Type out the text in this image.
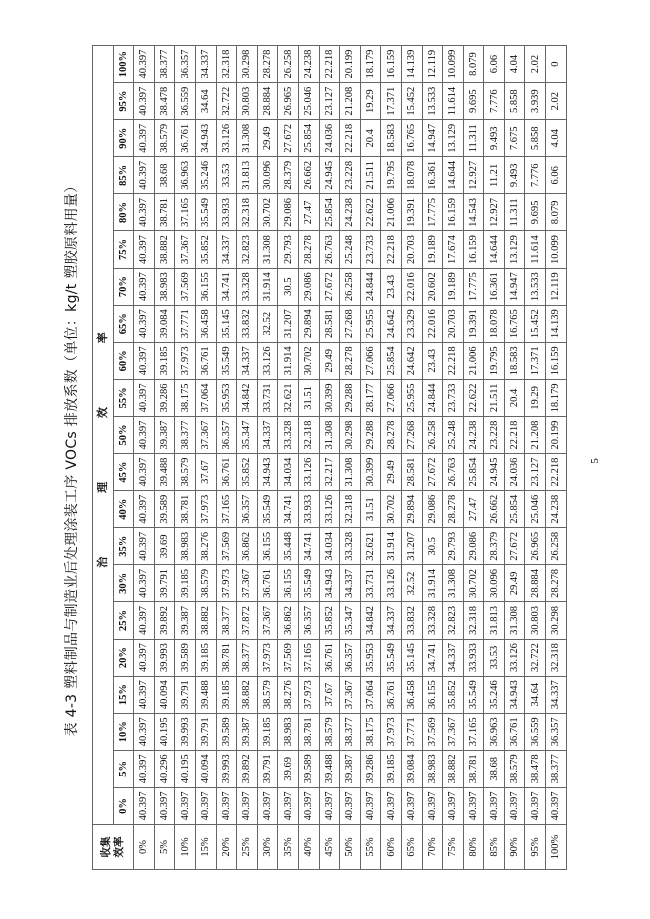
表 4-3 塑料制品与制造业后处理涂装工序 VOCs 排放系数（单位：kg/t 塑胶原料用量）
收集
效率	治 理 效 率																				
	0%	5%	10%	15%	20%	25%	30%	35%	40%	45%	50%	55%	60%	65%	70%	75%	80%	85%	90%	95%	100%
0%	40.397	40.397	40.397	40.397	40.397	40.397	40.397	40.397	40.397	40.397	40.397	40.397	40.397	40.397	40.397	40.397	40.397	40.397	40.397	40.397	40.397
5%	40.397	40.296	40.195	40.094	39.993	39.892	39.791	39.69	39.589	39.488	39.387	39.286	39.185	39.084	38.983	38.882	38.781	38.68	38.579	38.478	38.377
10%	40.397	40.195	39.993	39.791	39.589	39.387	39.185	38.983	38.781	38.579	38.377	38.175	37.973	37.771	37.569	37.367	37.165	36.963	36.761	36.559	36.357
15%	40.397	40.094	39.791	39.488	39.185	38.882	38.579	38.276	37.973	37.67	37.367	37.064	36.761	36.458	36.155	35.852	35.549	35.246	34.943	34.64	34.337
20%	40.397	39.993	39.589	39.185	38.781	38.377	37.973	37.569	37.165	36.761	36.357	35.953	35.549	35.145	34.741	34.337	33.933	33.53	33.126	32.722	32.318
25%	40.397	39.892	39.387	38.882	38.377	37.872	37.367	36.862	36.357	35.852	35.347	34.842	34.337	33.832	33.328	32.823	32.318	31.813	31.308	30.803	30.298
30%	40.397	39.791	39.185	38.579	37.973	37.367	36.761	36.155	35.549	34.943	34.337	33.731	33.126	32.52	31.914	31.308	30.702	30.096	29.49	28.884	28.278
35%	40.397	39.69	38.983	38.276	37.569	36.862	36.155	35.448	34.741	34.034	33.328	32.621	31.914	31.207	30.5	29.793	29.086	28.379	27.672	26.965	26.258
40%	40.397	39.589	38.781	37.973	37.165	36.357	35.549	34.741	33.933	33.126	32.318	31.51	30.702	29.894	29.086	28.278	27.47	26.662	25.854	25.046	24.238
45%	40.397	39.488	38.579	37.67	36.761	35.852	34.943	34.034	33.126	32.217	31.308	30.399	29.49	28.581	27.672	26.763	25.854	24.945	24.036	23.127	22.218
50%	40.397	39.387	38.377	37.367	36.357	35.347	34.337	33.328	32.318	31.308	30.298	29.288	28.278	27.268	26.258	25.248	24.238	23.228	22.218	21.208	20.199
55%	40.397	39.286	38.175	37.064	35.953	34.842	33.731	32.621	31.51	30.399	29.288	28.177	27.066	25.955	24.844	23.733	22.622	21.511	20.4	19.29	18.179
60%	40.397	39.185	37.973	36.761	35.549	34.337	33.126	31.914	30.702	29.49	28.278	27.066	25.854	24.642	23.43	22.218	21.006	19.795	18.583	17.371	16.159
65%	40.397	39.084	37.771	36.458	35.145	33.832	32.52	31.207	29.894	28.581	27.268	25.955	24.642	23.329	22.016	20.703	19.391	18.078	16.765	15.452	14.139
70%	40.397	38.983	37.569	36.155	34.741	33.328	31.914	30.5	29.086	27.672	26.258	24.844	23.43	22.016	20.602	19.189	17.775	16.361	14.947	13.533	12.119
75%	40.397	38.882	37.367	35.852	34.337	32.823	31.308	29.793	28.278	26.763	25.248	23.733	22.218	20.703	19.189	17.674	16.159	14.644	13.129	11.614	10.099
80%	40.397	38.781	37.165	35.549	33.933	32.318	30.702	29.086	27.47	25.854	24.238	22.622	21.006	19.391	17.775	16.159	14.543	12.927	11.311	9.695	8.079
85%	40.397	38.68	36.963	35.246	33.53	31.813	30.096	28.379	26.662	24.945	23.228	21.511	19.795	18.078	16.361	14.644	12.927	11.21	9.493	7.776	6.06
90%	40.397	38.579	36.761	34.943	33.126	31.308	29.49	27.672	25.854	24.036	22.218	20.4	18.583	16.765	14.947	13.129	11.311	9.493	7.675	5.858	4.04
95%	40.397	38.478	36.559	34.64	32.722	30.803	28.884	26.965	25.046	23.127	21.208	19.29	17.371	15.452	13.533	11.614	9.695	7.776	5.858	3.939	2.02
100%	40.397	38.377	36.357	34.337	32.318	30.298	28.278	26.258	24.238	22.218	20.199	18.179	16.159	14.139	12.119	10.099	8.079	6.06	4.04	2.02	0
5
